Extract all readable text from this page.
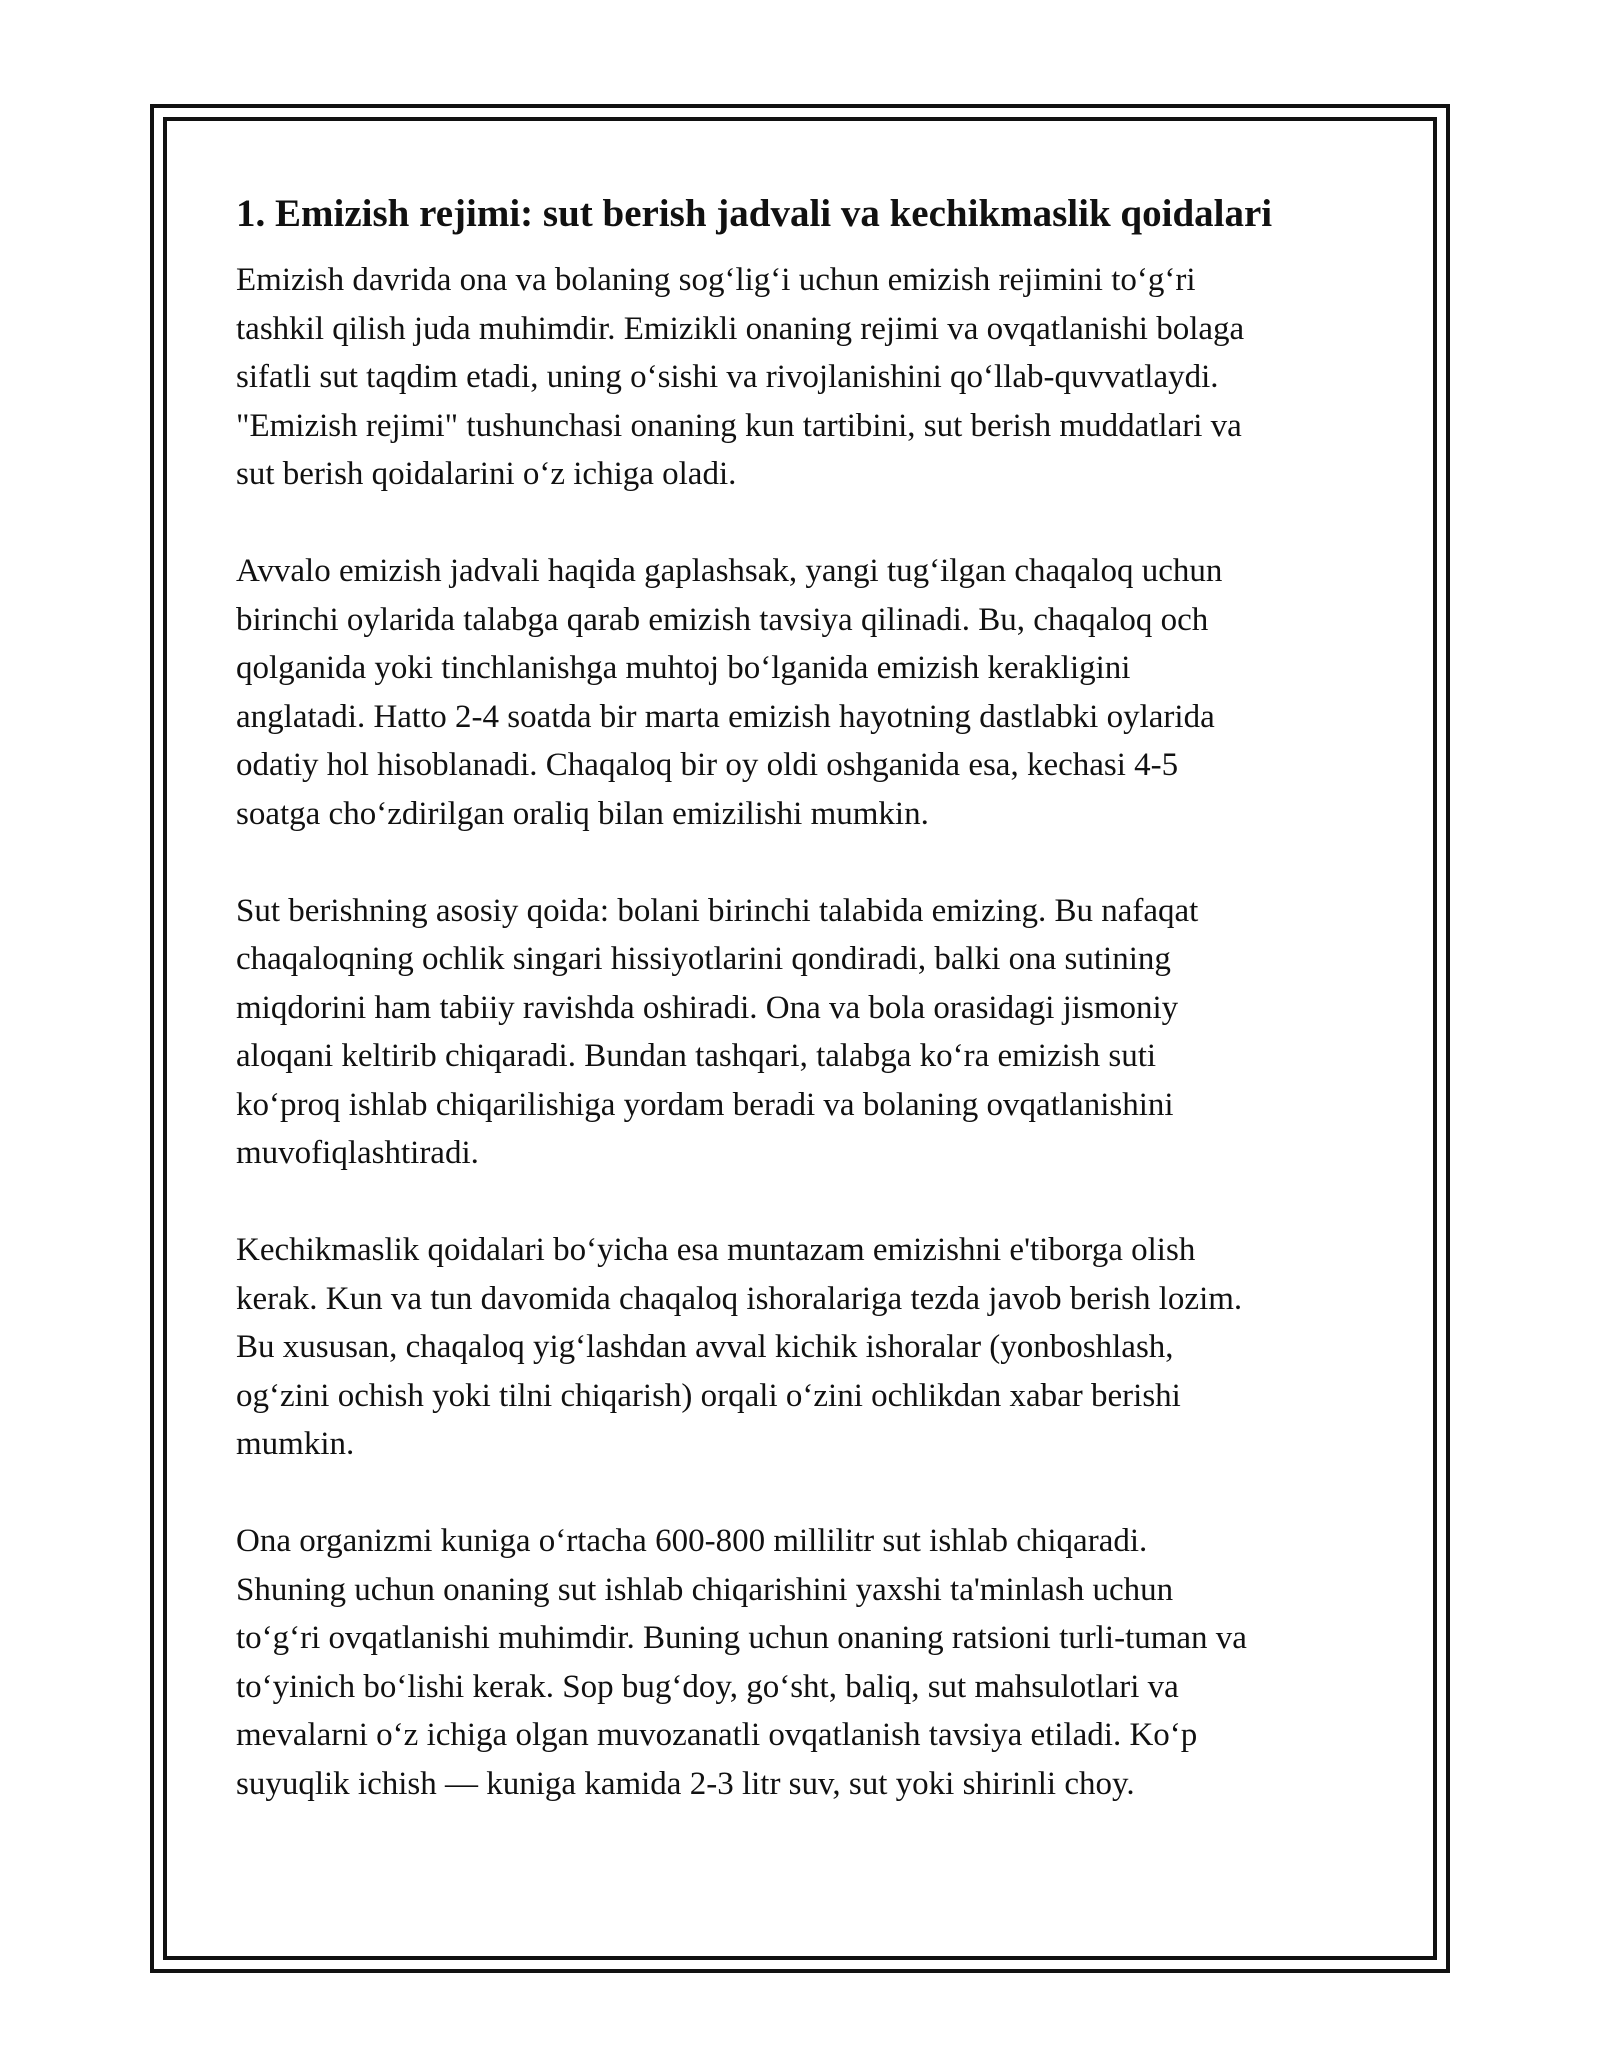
1. Emizish rejimi: sut berish jadvali va kechikmaslik qoidalari

Emizish davrida ona va bolaning sog‘lig‘i uchun emizish rejimini to‘g‘ri
tashkil qilish juda muhimdir. Emizikli onaning rejimi va ovqatlanishi bolaga
sifatli sut taqdim etadi, uning o‘sishi va rivojlanishini qo‘llab-quvvatlaydi.
"Emizish rejimi" tushunchasi onaning kun tartibini, sut berish muddatlari va
sut berish qoidalarini o‘z ichiga oladi.

Avvalo emizish jadvali haqida gaplashsak, yangi tug‘ilgan chaqaloq uchun
birinchi oylarida talabga qarab emizish tavsiya qilinadi. Bu, chaqaloq och
qolganida yoki tinchlanishga muhtoj bo‘lganida emizish kerakligini
anglatadi. Hatto 2-4 soatda bir marta emizish hayotning dastlabki oylarida
odatiy hol hisoblanadi. Chaqaloq bir oy oldi oshganida esa, kechasi 4-5
soatga cho‘zdirilgan oraliq bilan emizilishi mumkin.

Sut berishning asosiy qoida: bolani birinchi talabida emizing. Bu nafaqat
chaqaloqning ochlik singari hissiyotlarini qondiradi, balki ona sutining
miqdorini ham tabiiy ravishda oshiradi. Ona va bola orasidagi jismoniy
aloqani keltirib chiqaradi. Bundan tashqari, talabga ko‘ra emizish suti
ko‘proq ishlab chiqarilishiga yordam beradi va bolaning ovqatlanishini
muvofiqlashtiradi.

Kechikmaslik qoidalari bo‘yicha esa muntazam emizishni e'tiborga olish
kerak. Kun va tun davomida chaqaloq ishoralariga tezda javob berish lozim.
Bu xususan, chaqaloq yig‘lashdan avval kichik ishoralar (yonboshlash,
og‘zini ochish yoki tilni chiqarish) orqali o‘zini ochlikdan xabar berishi
mumkin.

Ona organizmi kuniga o‘rtacha 600-800 millilitr sut ishlab chiqaradi.
Shuning uchun onaning sut ishlab chiqarishini yaxshi ta'minlash uchun
to‘g‘ri ovqatlanishi muhimdir. Buning uchun onaning ratsioni turli-tuman va
to‘yinich bo‘lishi kerak. Sop bug‘doy, go‘sht, baliq, sut mahsulotlari va
mevalarni o‘z ichiga olgan muvozanatli ovqatlanish tavsiya etiladi. Ko‘p
suyuqlik ichish — kuniga kamida 2-3 litr suv, sut yoki shirinli choy.
